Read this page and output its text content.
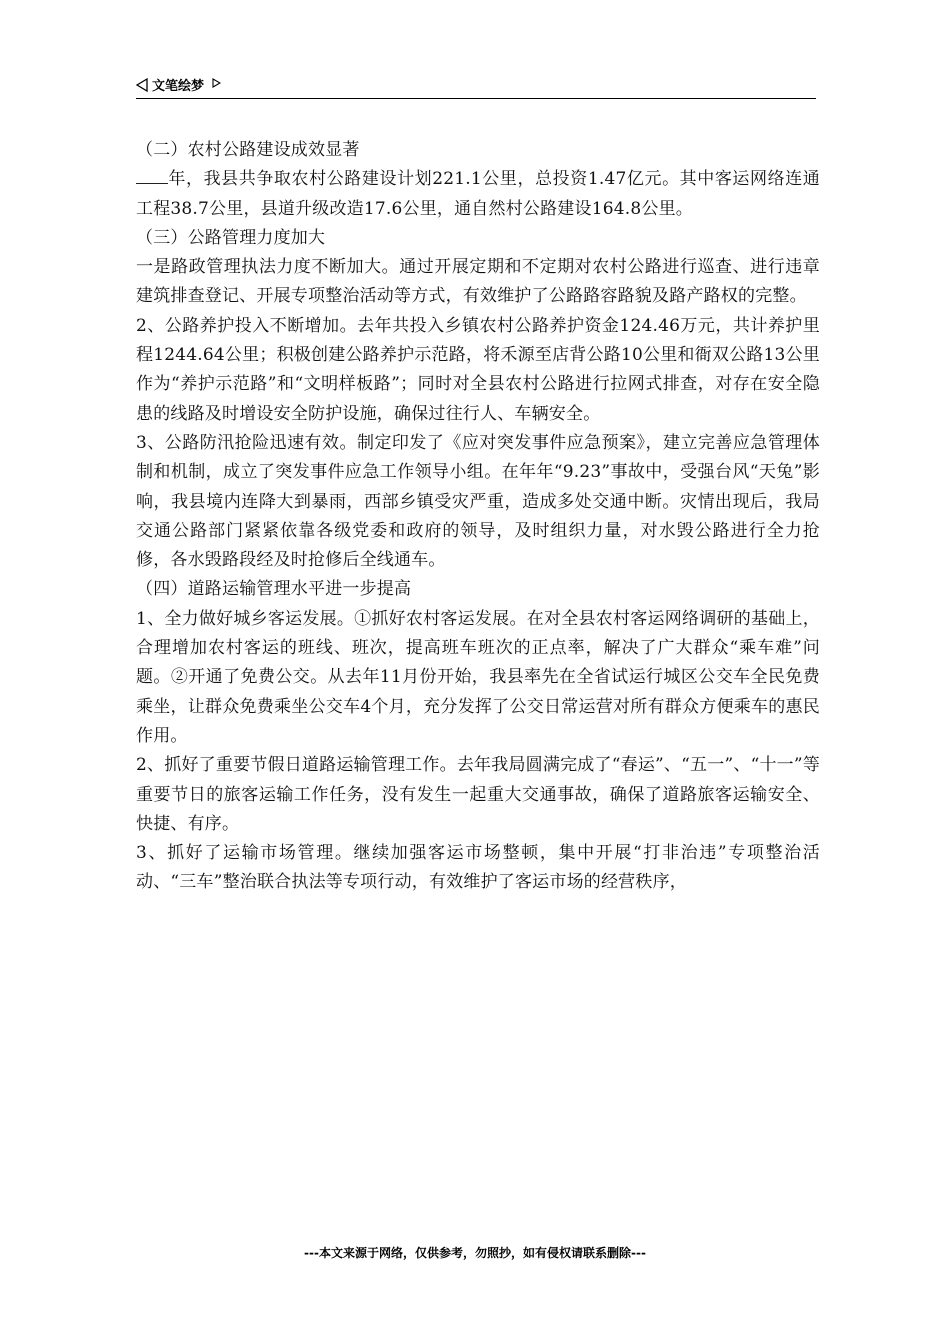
文笔绘梦

（二）农村公路建设成效显著

年，我县共争取农村公路建设计划221.1公里，总投资1.47亿元。其中客运网络连通工程38.7公里，县道升级改造17.6公里，通自然村公路建设164.8公里。

（三）公路管理力度加大

一是路政管理执法力度不断加大。通过开展定期和不定期对农村公路进行巡查、进行违章建筑排查登记、开展专项整治活动等方式，有效维护了公路路容路貌及路产路权的完整。

2、公路养护投入不断增加。去年共投入乡镇农村公路养护资金124.46万元，共计养护里程1244.64公里；积极创建公路养护示范路，将禾源至店背公路10公里和衙双公路13公里作为“养护示范路”和“文明样板路”；同时对全县农村公路进行拉网式排查，对存在安全隐患的线路及时增设安全防护设施，确保过往行人、车辆安全。

3、公路防汛抢险迅速有效。制定印发了《应对突发事件应急预案》，建立完善应急管理体制和机制，成立了突发事件应急工作领导小组。在年年“9.23”事故中，受强台风“天兔”影响，我县境内连降大到暴雨，西部乡镇受灾严重，造成多处交通中断。灾情出现后，我局交通公路部门紧紧依靠各级党委和政府的领导，及时组织力量，对水毁公路进行全力抢修，各水毁路段经及时抢修后全线通车。

（四）道路运输管理水平进一步提高

1、全力做好城乡客运发展。①抓好农村客运发展。在对全县农村客运网络调研的基础上，合理增加农村客运的班线、班次，提高班车班次的正点率，解决了广大群众“乘车难”问题。②开通了免费公交。从去年11月份开始，我县率先在全省试运行城区公交车全民免费乘坐，让群众免费乘坐公交车4个月，充分发挥了公交日常运营对所有群众方便乘车的惠民作用。

2、抓好了重要节假日道路运输管理工作。去年我局圆满完成了“春运”、“五一”、“十一”等重要节日的旅客运输工作任务，没有发生一起重大交通事故，确保了道路旅客运输安全、快捷、有序。

3、抓好了运输市场管理。继续加强客运市场整顿，集中开展“打非治违”专项整治活动、“三车”整治联合执法等专项行动，有效维护了客运市场的经营秩序，

---本文来源于网络，仅供参考，勿照抄，如有侵权请联系删除---
